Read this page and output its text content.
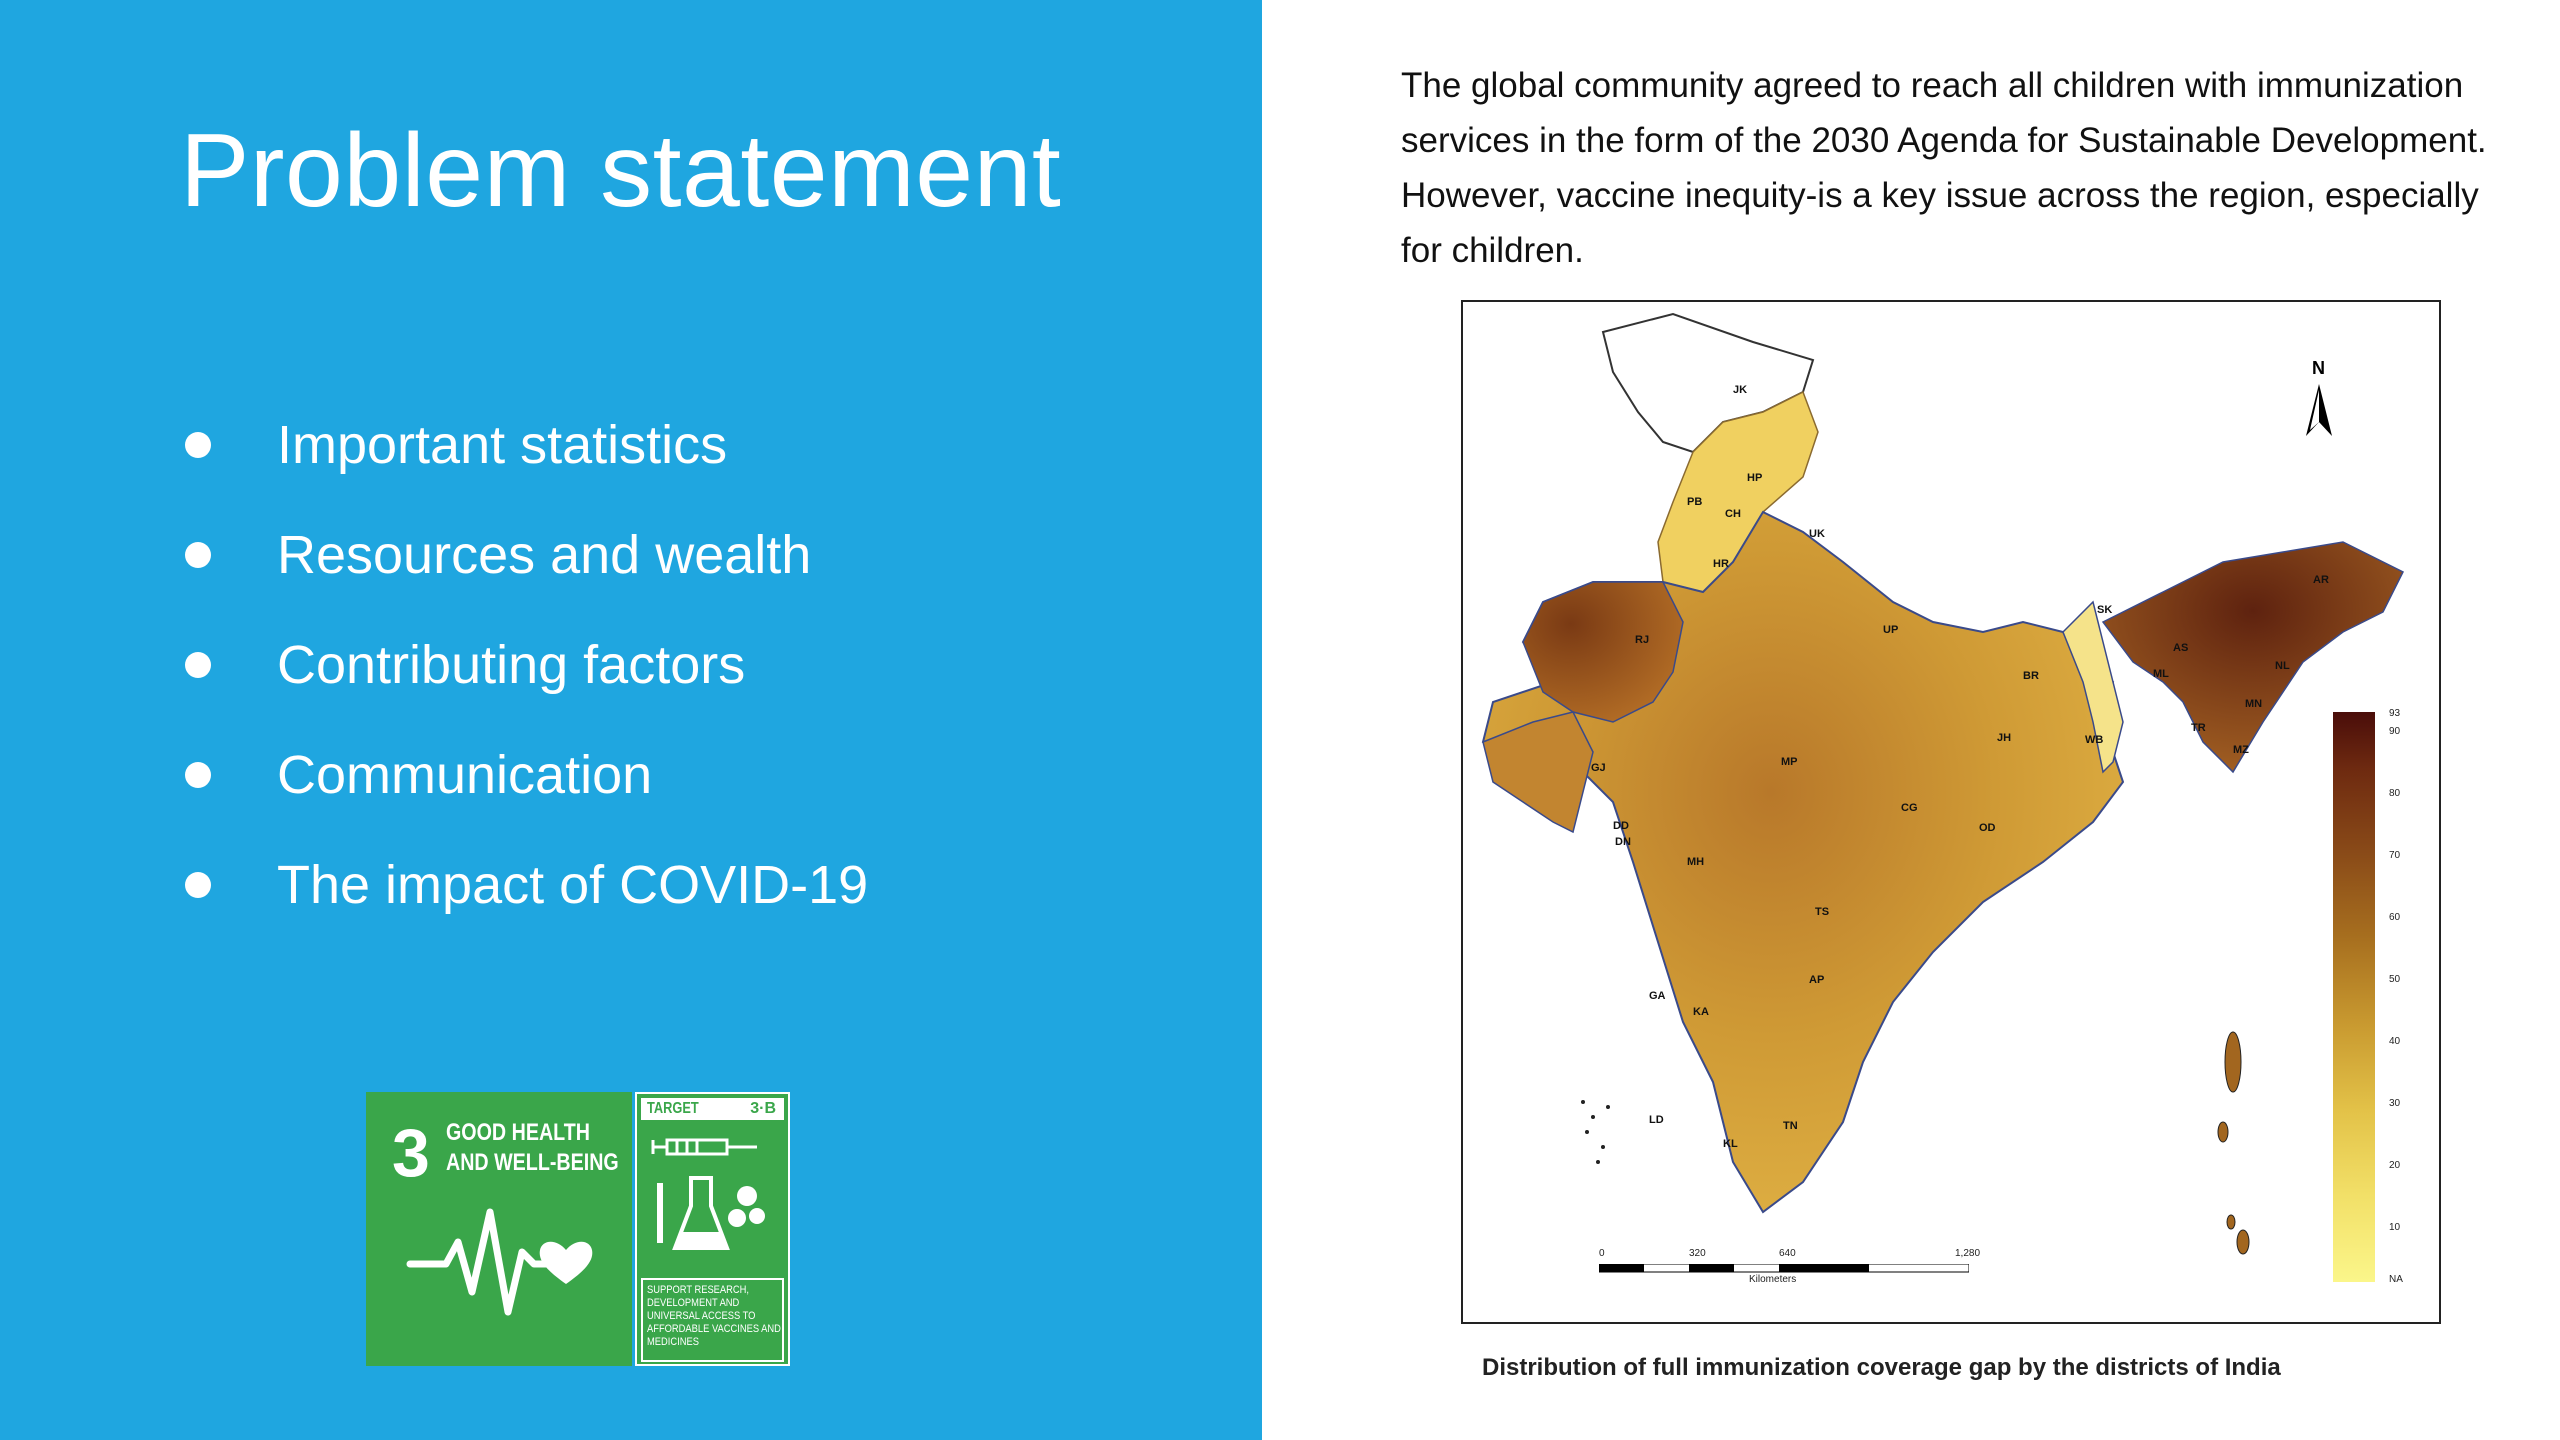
Problem statement
Important statistics
Resources and wealth
Contributing factors
Communication
The impact of COVID-19
3 GOOD HEALTH
AND WELL-BEING
TARGET	3·B
SUPPORT RESEARCH, DEVELOPMENT AND UNIVERSAL ACCESS TO AFFORDABLE VACCINES AND MEDICINES
The global community agreed to reach all children with immunization services in the form of the 2030 Agenda for Sustainable Development. However, vaccine inequity-is a key issue across the region, especially for children.
N
93
90
80
70
60
50
40
30
20
10
NA
0	320	640	1,280
Kilometers
JK
HP
PB
CH
UK
HR
RJ
UP
SK
AR
AS
NL
ML
MN
TR
MZ
BR
JH	WB
GJ	MP
CG
OD
DD
DN
MH
TS
GA
AP
KA
LD
KL
TN
Distribution of full immunization coverage gap by the districts of India
